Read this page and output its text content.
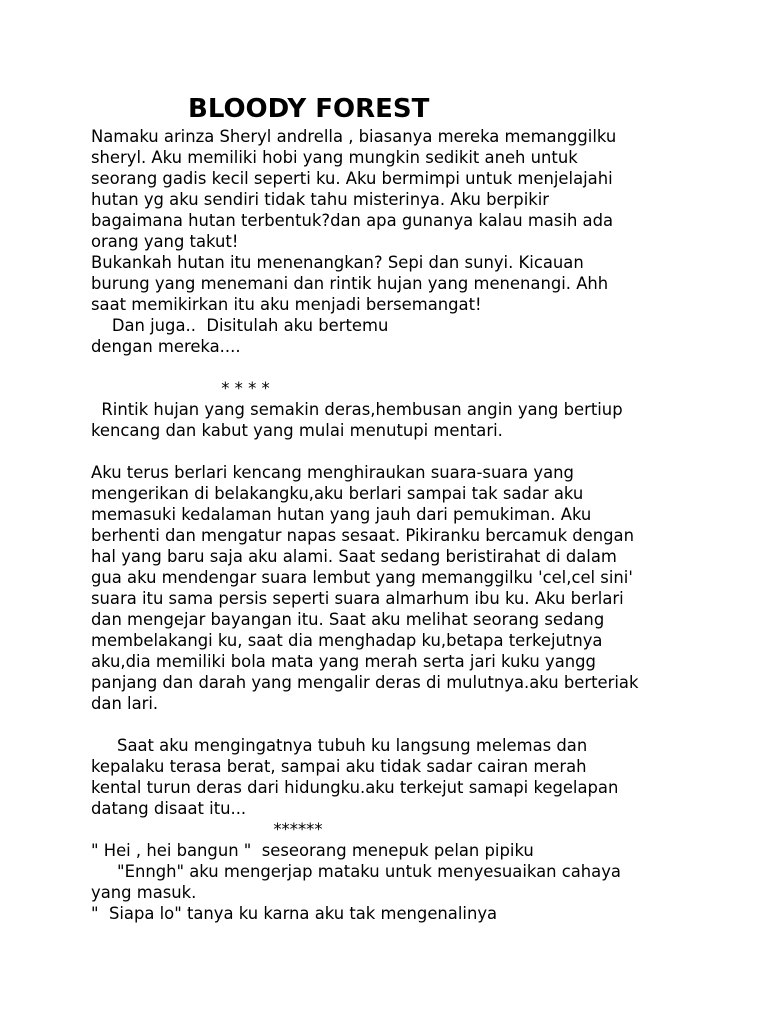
BLOODY FOREST
Namaku arinza Sheryl andrella , biasanya mereka memanggilku
sheryl. Aku memiliki hobi yang mungkin sedikit aneh untuk
seorang gadis kecil seperti ku. Aku bermimpi untuk menjelajahi
hutan yg aku sendiri tidak tahu misterinya. Aku berpikir
bagaimana hutan terbentuk?dan apa gunanya kalau masih ada
orang yang takut!
Bukankah hutan itu menenangkan? Sepi dan sunyi. Kicauan
burung yang menemani dan rintik hujan yang menenangi. Ahh
saat memikirkan itu aku menjadi bersemangat!
Dan juga..  Disitulah aku bertemu
dengan mereka....
* * * *
Rintik hujan yang semakin deras,hembusan angin yang bertiup
kencang dan kabut yang mulai menutupi mentari.
Aku terus berlari kencang menghiraukan suara-suara yang
mengerikan di belakangku,aku berlari sampai tak sadar aku
memasuki kedalaman hutan yang jauh dari pemukiman. Aku
berhenti dan mengatur napas sesaat. Pikiranku bercamuk dengan
hal yang baru saja aku alami. Saat sedang beristirahat di dalam
gua aku mendengar suara lembut yang memanggilku 'cel,cel sini'
suara itu sama persis seperti suara almarhum ibu ku. Aku berlari
dan mengejar bayangan itu. Saat aku melihat seorang sedang
membelakangi ku, saat dia menghadap ku,betapa terkejutnya
aku,dia memiliki bola mata yang merah serta jari kuku yangg
panjang dan darah yang mengalir deras di mulutnya.aku berteriak
dan lari.
Saat aku mengingatnya tubuh ku langsung melemas dan
kepalaku terasa berat, sampai aku tidak sadar cairan merah
kental turun deras dari hidungku.aku terkejut samapi kegelapan
datang disaat itu...
******
" Hei , hei bangun "  seseorang menepuk pelan pipiku
"Enngh" aku mengerjap mataku untuk menyesuaikan cahaya
yang masuk.
"  Siapa lo" tanya ku karna aku tak mengenalinya
